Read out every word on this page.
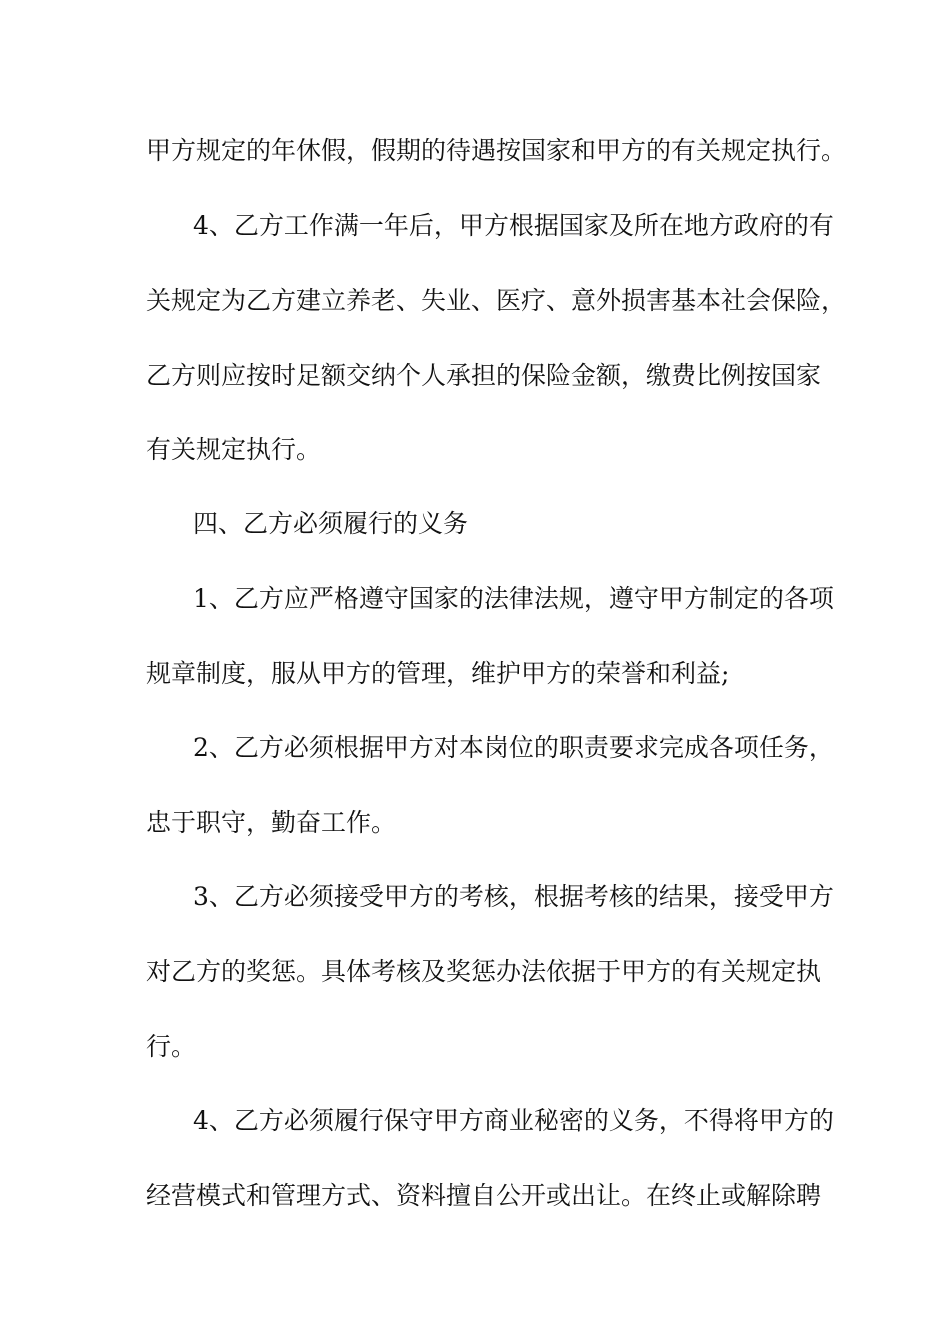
甲方规定的年休假，假期的待遇按国家和甲方的有关规定执行。
4、乙方工作满一年后，甲方根据国家及所在地方政府的有
关规定为乙方建立养老、失业、医疗、意外损害基本社会保险，
乙方则应按时足额交纳个人承担的保险金额，缴费比例按国家
有关规定执行。
四、乙方必须履行的义务
1、乙方应严格遵守国家的法律法规，遵守甲方制定的各项
规章制度，服从甲方的管理，维护甲方的荣誉和利益;
2、乙方必须根据甲方对本岗位的职责要求完成各项任务，
忠于职守，勤奋工作。
3、乙方必须接受甲方的考核，根据考核的结果，接受甲方
对乙方的奖惩。具体考核及奖惩办法依据于甲方的有关规定执
行。
4、乙方必须履行保守甲方商业秘密的义务，不得将甲方的
经营模式和管理方式、资料擅自公开或出让。在终止或解除聘
